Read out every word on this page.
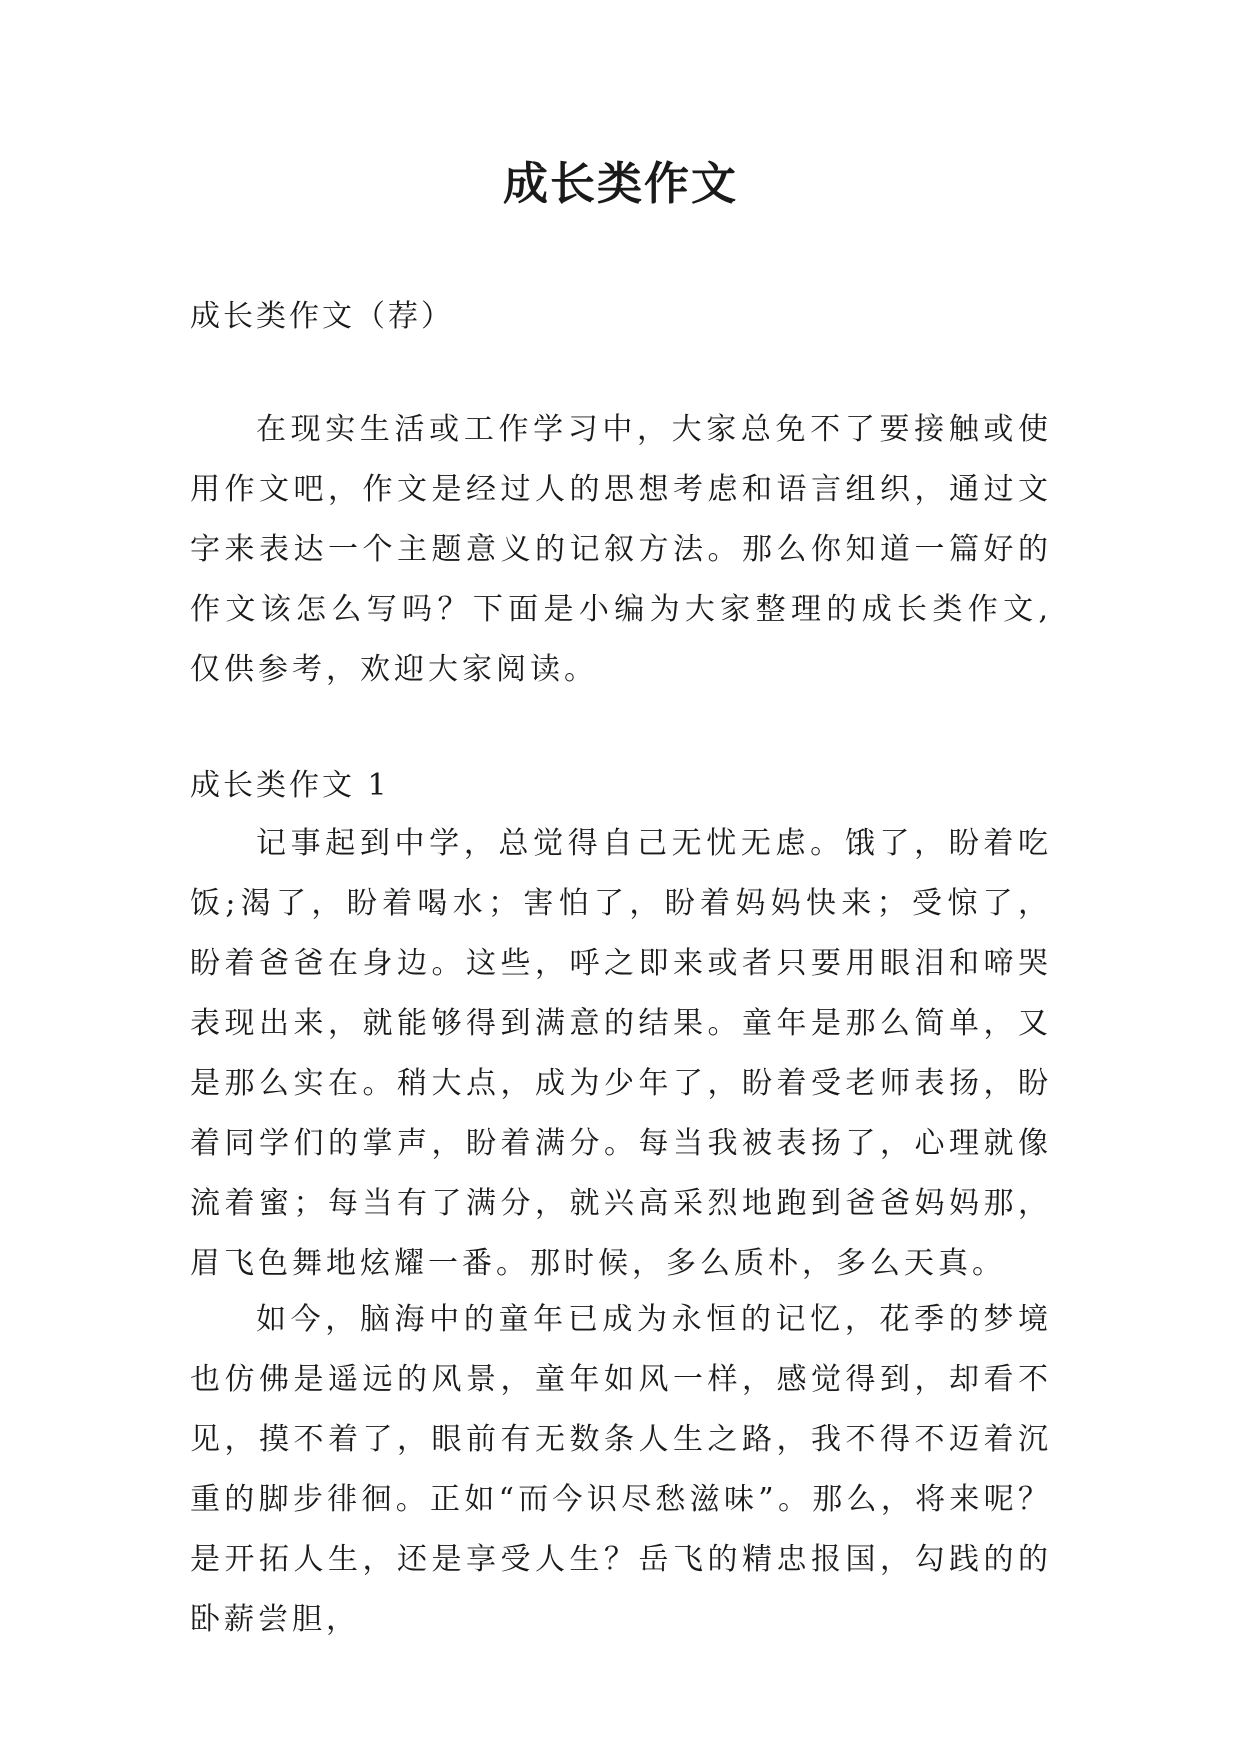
成长类作文

成长类作文（荐）

在现实生活或工作学习中，大家总免不了要接触或使用作文吧，作文是经过人的思想考虑和语言组织，通过文字来表达一个主题意义的记叙方法。那么你知道一篇好的作文该怎么写吗？下面是小编为大家整理的成长类作文,仅供参考，欢迎大家阅读。

成长类作文 1

记事起到中学，总觉得自己无忧无虑。饿了，盼着吃饭;渴了，盼着喝水；害怕了，盼着妈妈快来；受惊了，盼着爸爸在身边。这些，呼之即来或者只要用眼泪和啼哭表现出来，就能够得到满意的结果。童年是那么简单，又是那么实在。稍大点，成为少年了，盼着受老师表扬，盼着同学们的掌声，盼着满分。每当我被表扬了，心理就像流着蜜；每当有了满分，就兴高采烈地跑到爸爸妈妈那，眉飞色舞地炫耀一番。那时候，多么质朴，多么天真。

如今，脑海中的童年已成为永恒的记忆，花季的梦境也仿佛是遥远的风景，童年如风一样，感觉得到，却看不见，摸不着了，眼前有无数条人生之路，我不得不迈着沉重的脚步徘徊。正如“而今识尽愁滋味”。那么，将来呢？是开拓人生，还是享受人生？岳飞的精忠报国，勾践的的卧薪尝胆，
